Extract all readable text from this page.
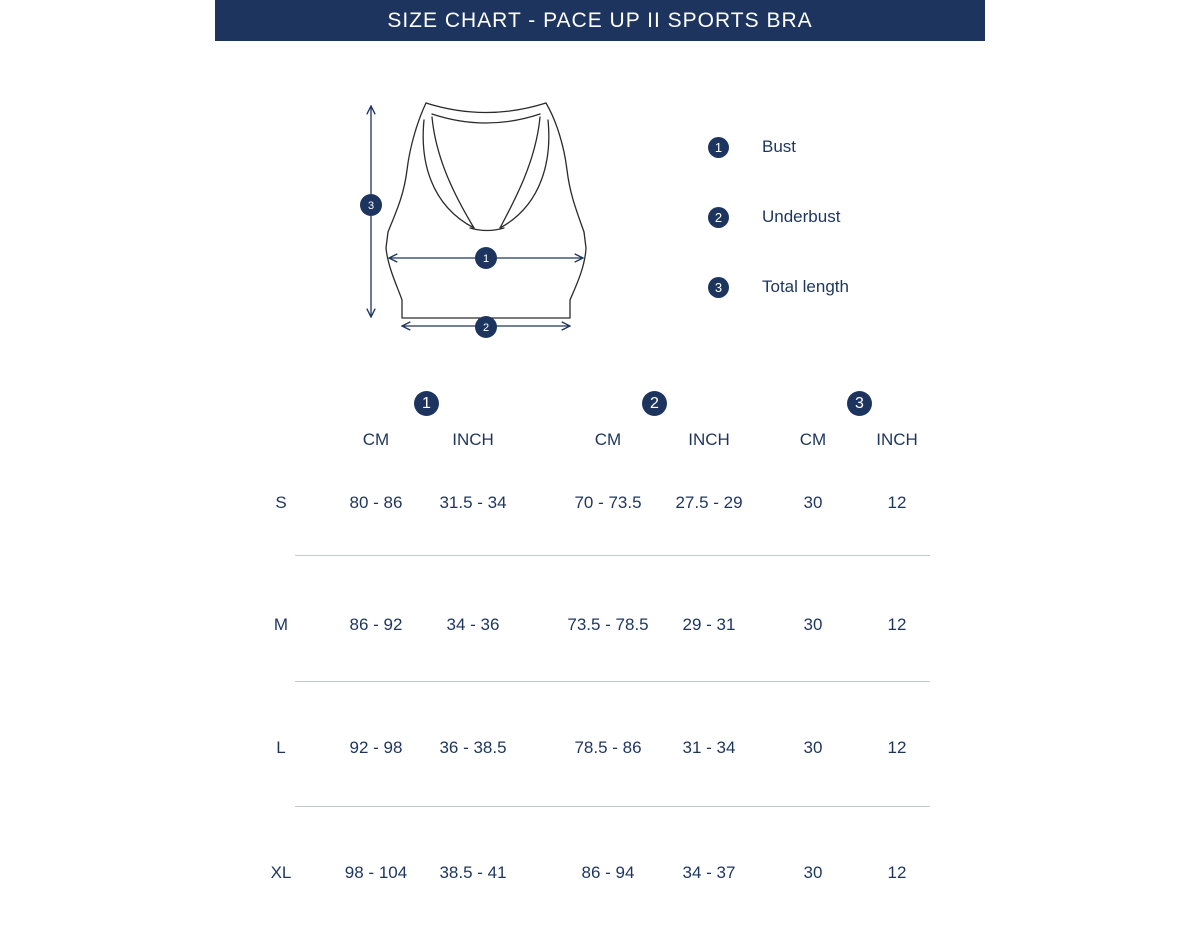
SIZE CHART - PACE UP II SPORTS BRA
3
1
2
1	Bust
2	Underbust
3	Total length
1	2	3
CM	INCH	CM	INCH	CM	INCH
S	80 - 86	31.5 - 34	70 - 73.5	27.5 - 29	30	12
M	86 - 92	34 - 36	73.5 - 78.5	29 - 31	30	12
L	92 - 98	36 - 38.5	78.5 - 86	31 - 34	30	12
XL	98 - 104	38.5 - 41	86 - 94	34 - 37	30	12
